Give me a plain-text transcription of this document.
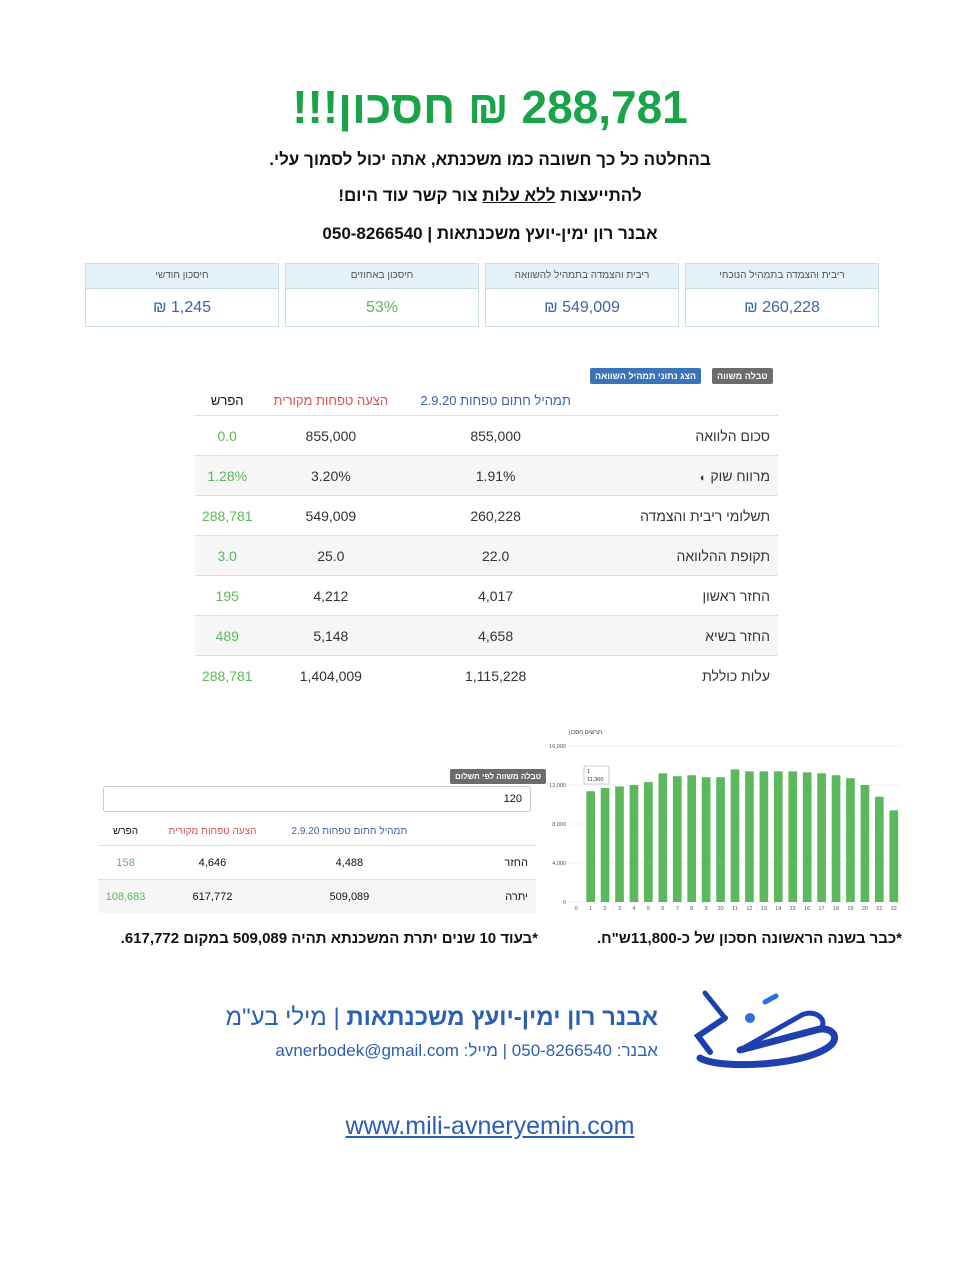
288,781 ₪ חסכון!!!
בהחלטה כל כך חשובה כמו משכנתא, אתה יכול לסמוך עלי.
להתייעצות ללא עלות צור קשר עוד היום!
אבנר רון ימין-יועץ משכנתאות | 050-8266540
ריבית והצמדה בתמהיל הנוכחי
260,228 ₪
ריבית והצמדה בתמהיל להשוואה
549,009 ₪
חיסכון באחוזים
53%
חיסכון חודשי
1,245 ₪
טבלה משווה
הצג נתוני תמהיל השוואה
	תמהיל חתום טפחות 2.9.20	הצעה טפחות מקורית	הפרש
סכום הלוואה	855,000	855,000	0.0
מרווח שוק ◐	1.91%	3.20%	1.28%
תשלומי ריבית והצמדה	260,228	549,009	288,781
תקופת ההלוואה	22.0	25.0	3.0
החזר ראשון	4,017	4,212	195
החזר בשיא	4,658	5,148	489
עלות כוללת	1,115,228	1,404,009	288,781
תרשים חסכון
0
4,000
8,000
12,000
16,000
0 1 2 3 4 5 6 7 8 9 10 11 12 13 14 15 16 17 18 19 20 21 22
1
11,360
טבלה משווה לפי תשלום
120
	תמהיל חתום טפחות 2.9.20	הצעה טפחות מקורית	הפרש
החזר	4,488	4,646	158
יתרה	509,089	617,772	108,683
*כבר בשנה הראשונה חסכון של כ-11,800ש"ח.
*בעוד 10 שנים יתרת המשכנתא תהיה 509,089 במקום 617,772.
אבנר רון ימין-יועץ משכנתאות | מילי בע"מ
אבנר: 050-8266540 | מייל: avnerbodek@gmail.com
מילי
www.mili-avneryemin.com
